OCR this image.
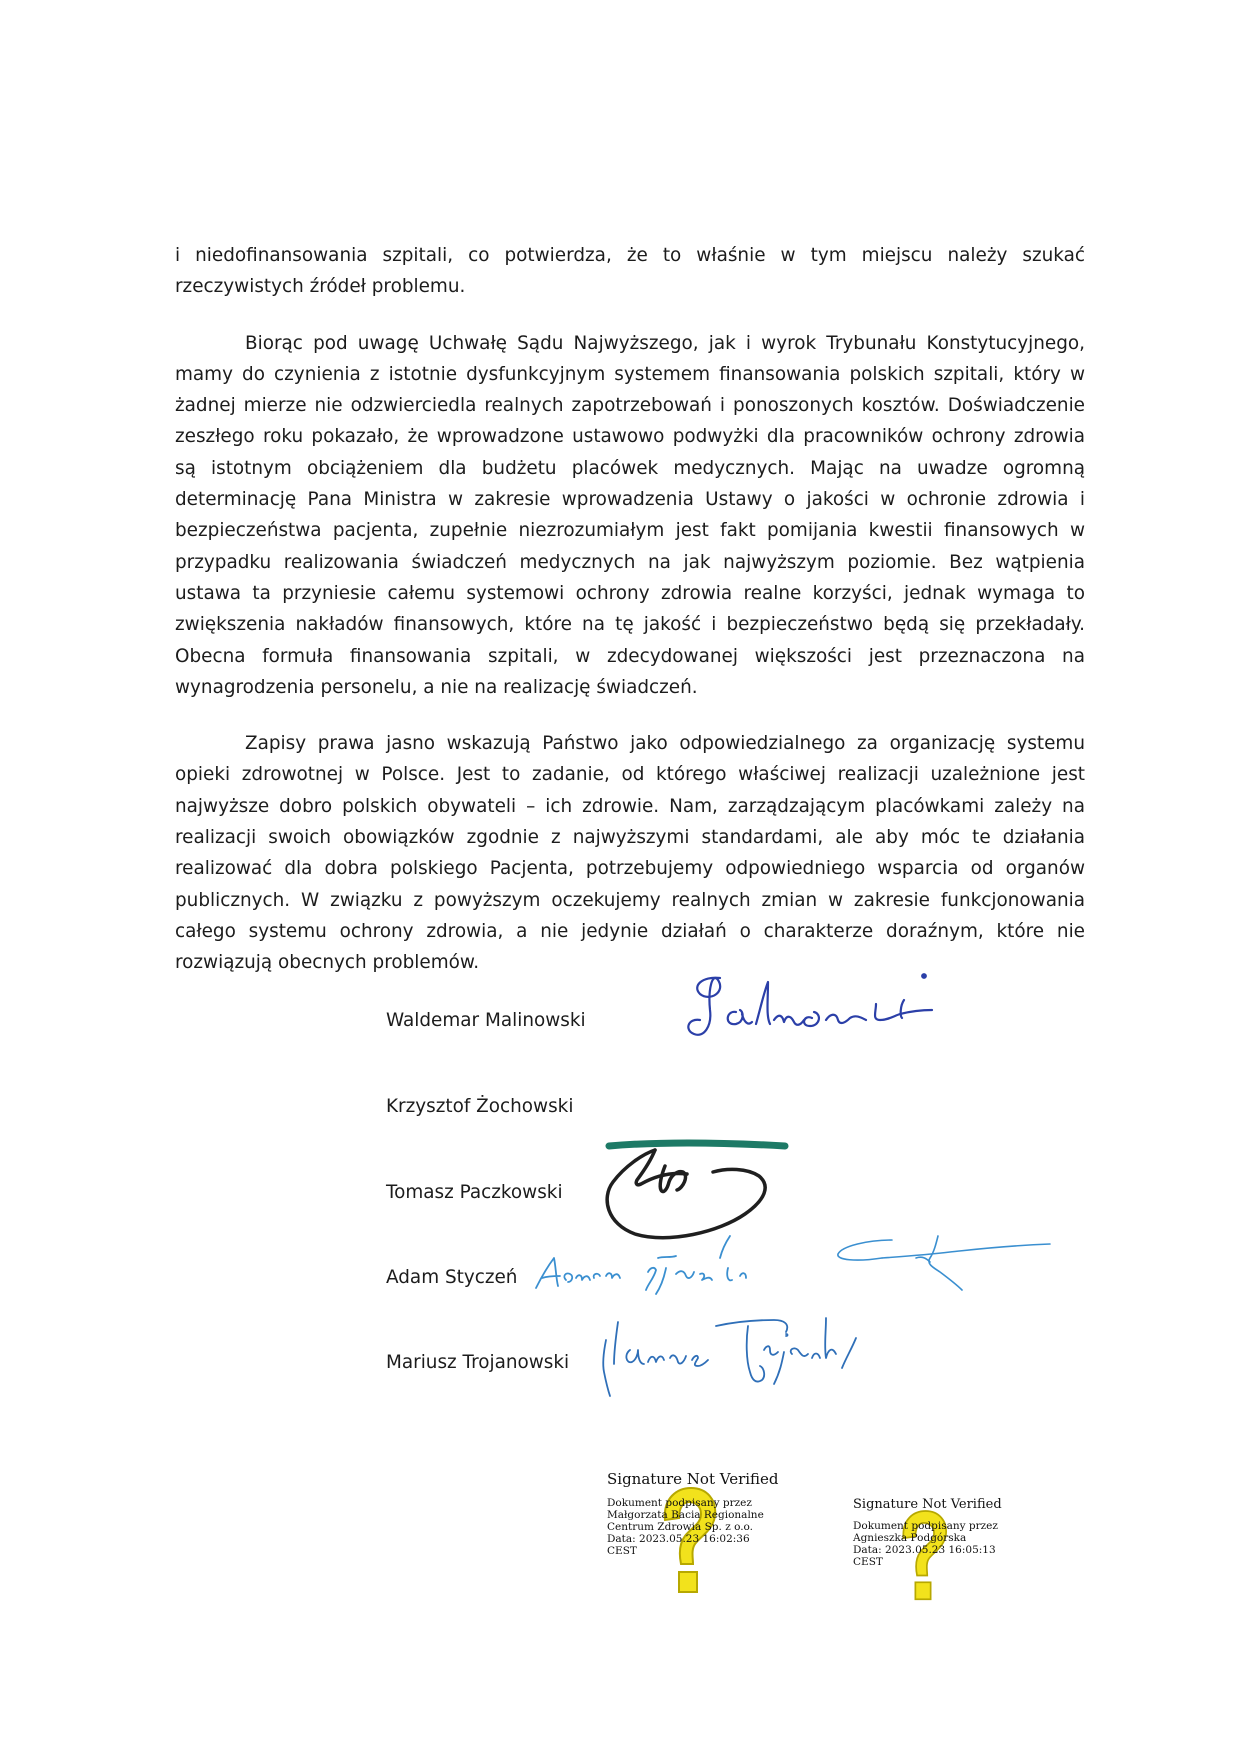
i niedofinansowania szpitali, co potwierdza, że to właśnie w tym miejscu należy szukać rzeczywistych źródeł problemu.

Biorąc pod uwagę Uchwałę Sądu Najwyższego, jak i wyrok Trybunału Konstytucyjnego, mamy do czynienia z istotnie dysfunkcyjnym systemem finansowania polskich szpitali, który w żadnej mierze nie odzwierciedla realnych zapotrzebowań i ponoszonych kosztów. Doświadczenie zeszłego roku pokazało, że wprowadzone ustawowo podwyżki dla pracowników ochrony zdrowia są istotnym obciążeniem dla budżetu placówek medycznych. Mając na uwadze ogromną determinację Pana Ministra w zakresie wprowadzenia Ustawy o jakości w ochronie zdrowia i bezpieczeństwa pacjenta, zupełnie niezrozumiałym jest fakt pomijania kwestii finansowych w przypadku realizowania świadczeń medycznych na jak najwyższym poziomie. Bez wątpienia ustawa ta przyniesie całemu systemowi ochrony zdrowia realne korzyści, jednak wymaga to zwiększenia nakładów finansowych, które na tę jakość i bezpieczeństwo będą się przekładały. Obecna formuła finansowania szpitali, w zdecydowanej większości jest przeznaczona na wynagrodzenia personelu, a nie na realizację świadczeń.

Zapisy prawa jasno wskazują Państwo jako odpowiedzialnego za organizację systemu opieki zdrowotnej w Polsce. Jest to zadanie, od którego właściwej realizacji uzależnione jest najwyższe dobro polskich obywateli – ich zdrowie. Nam, zarządzającym placówkami zależy na realizacji swoich obowiązków zgodnie z najwyższymi standardami, ale aby móc te działania realizować dla dobra polskiego Pacjenta, potrzebujemy odpowiedniego wsparcia od organów publicznych. W związku z powyższym oczekujemy realnych zmian w zakresie funkcjonowania całego systemu ochrony zdrowia, a nie jedynie działań o charakterze doraźnym, które nie rozwiązują obecnych problemów.

Waldemar Malinowski
Krzysztof Żochowski
Tomasz Paczkowski
Adam Styczeń
Mariusz Trojanowski
Signature Not Verified
Dokument podpisany przez
Małgorzata Bacia Regionalne
Centrum Zdrowia Sp. z o.o.
Data: 2023.05.23 16:02:36
CEST
Signature Not Verified
Dokument podpisany przez
Agnieszka Podgórska
Data: 2023.05.23 16:05:13
CEST
